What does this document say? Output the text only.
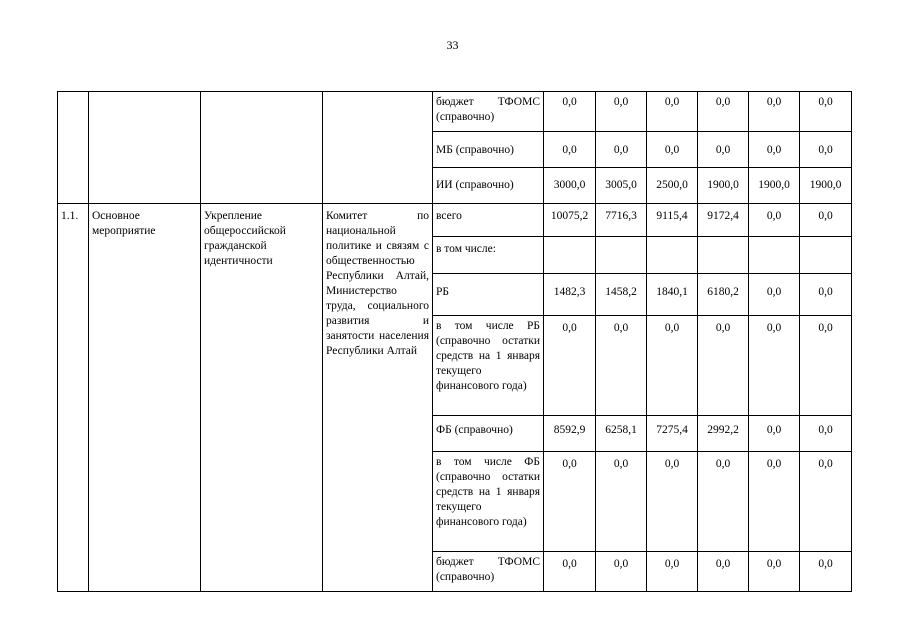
33
				бюджет ТФОМС (справочно)	0,0	0,0	0,0	0,0	0,0	0,0
				МБ (справочно)	0,0	0,0	0,0	0,0	0,0	0,0
				ИИ (справочно)	3000,0	3005,0	2500,0	1900,0	1900,0	1900,0
1.1.	Основное мероприятие	Укрепление общероссийской гражданской идентичности	Комитет по национальной политике и связям с общественностью Республики Алтай, Министерство труда, социального развития и занятости населения Республики Алтай	всего	10075,2	7716,3	9115,4	9172,4	0,0	0,0
				в том числе:						
				РБ	1482,3	1458,2	1840,1	6180,2	0,0	0,0
				в том числе РБ (справочно остатки средств на 1 января текущего финансового года)	0,0	0,0	0,0	0,0	0,0	0,0
				ФБ (справочно)	8592,9	6258,1	7275,4	2992,2	0,0	0,0
				в том числе ФБ (справочно остатки средств на 1 января текущего финансового года)	0,0	0,0	0,0	0,0	0,0	0,0
				бюджет ТФОМС (справочно)	0,0	0,0	0,0	0,0	0,0	0,0
